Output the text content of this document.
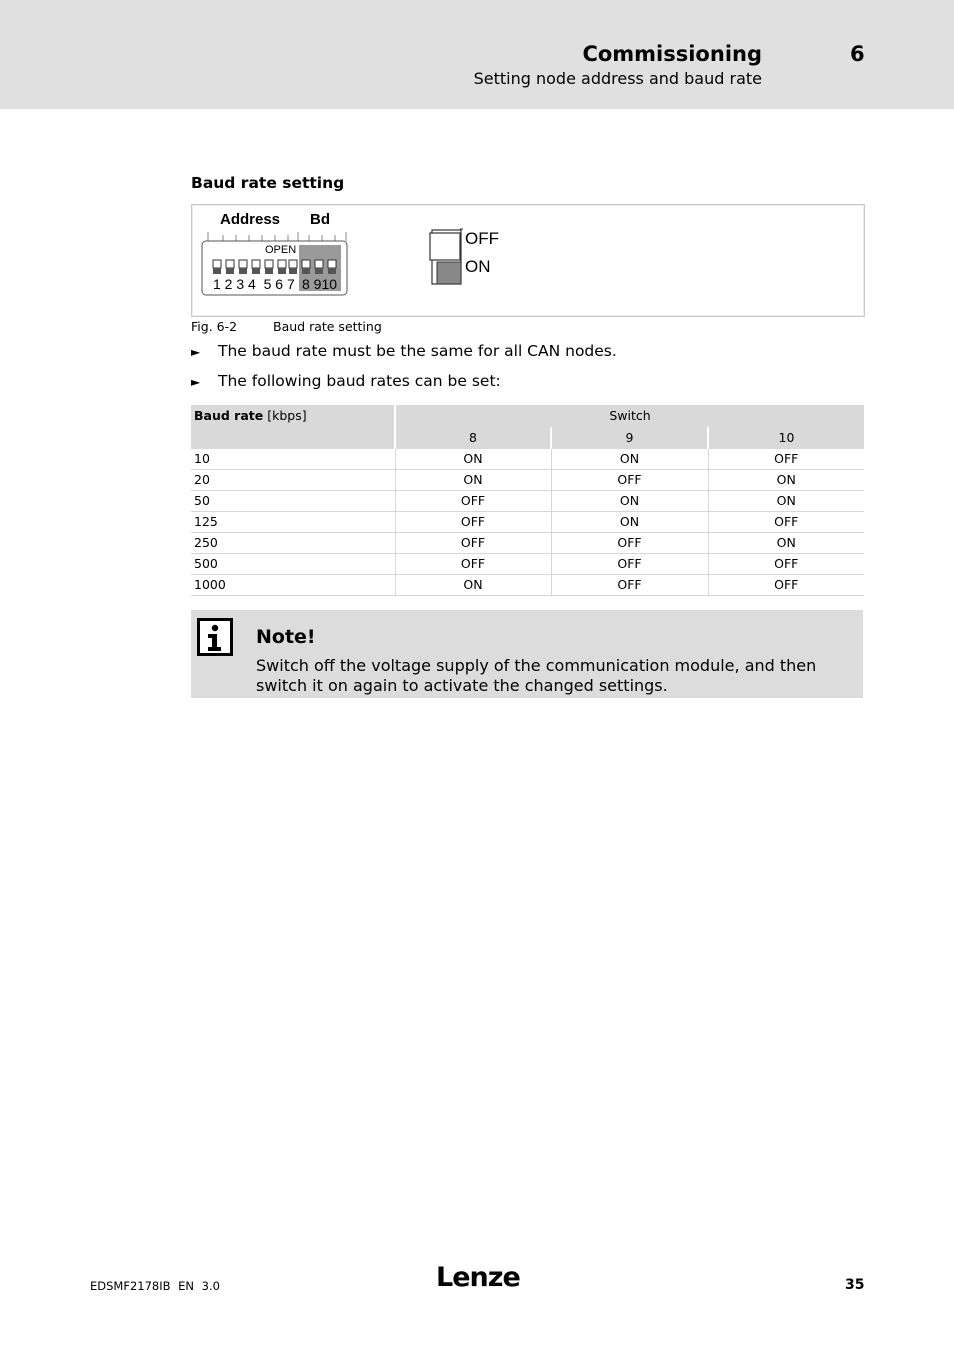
Commissioning	6
Setting node address and baud rate
Baud rate setting
Address Bd
OPEN
1 2 3 4  5 6 7 8 910
OFF
ON
Fig. 6-2	Baud rate setting
► The baud rate must be the same for all CAN nodes.
► The following baud rates can be set:
Baud rate [kbps]	Switch		
	8	9	10
10	ON	ON	OFF
20	ON	OFF	ON
50	OFF	ON	ON
125	OFF	ON	OFF
250	OFF	OFF	ON
500	OFF	OFF	OFF
1000	ON	OFF	OFF
Note!
Switch off the voltage supply of the communication module, and then switch it on again to activate the changed settings.
EDSMF2178IB EN 3.0	Lenze	35
